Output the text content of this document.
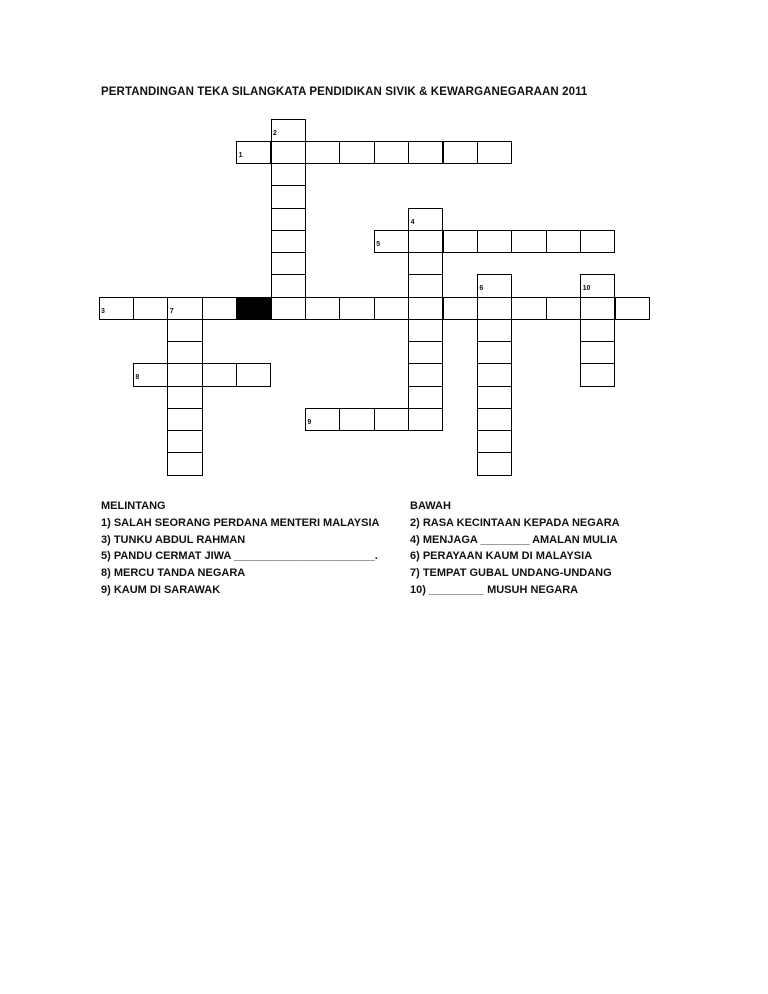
PERTANDINGAN TEKA SILANGKATA PENDIDIKAN SIVIK & KEWARGANEGARAAN 2011
1
2
3
4
5
6
7
8
9
10
MELINTANG
1) SALAH SEORANG PERDANA MENTERI MALAYSIA
3) TUNKU ABDUL RAHMAN
5) PANDU CERMAT JIWA _______________________.
8) MERCU TANDA NEGARA
9) KAUM DI SARAWAK
BAWAH
2) RASA KECINTAAN KEPADA NEGARA
4) MENJAGA ________ AMALAN MULIA
6) PERAYAAN KAUM DI MALAYSIA
7) TEMPAT GUBAL UNDANG-UNDANG
10) _________ MUSUH NEGARA
